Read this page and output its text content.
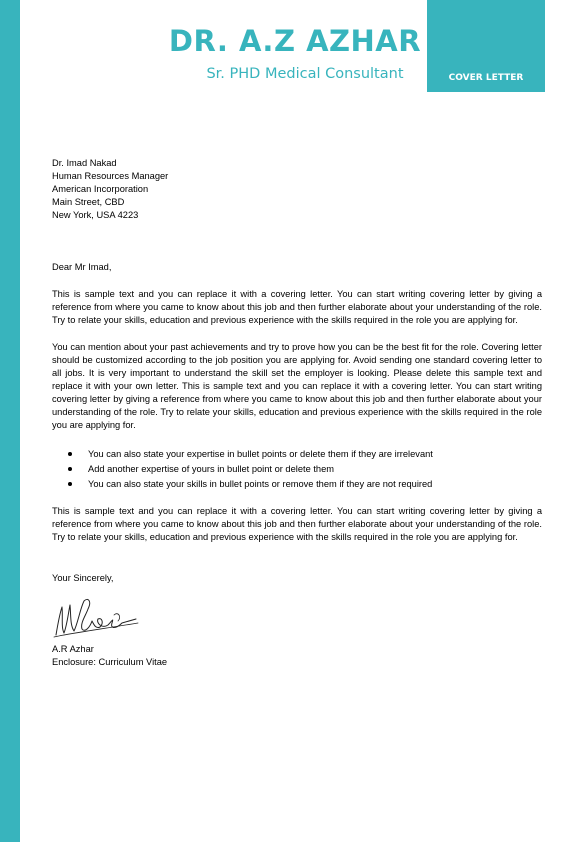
DR. A.Z AZHAR
Sr. PHD Medical Consultant	COVER LETTER
Dr. Imad Nakad
Human Resources Manager
American Incorporation
Main Street, CBD
New York, USA 4223
Dear Mr Imad,

This is sample text and you can replace it with a covering letter. You can start writing covering letter by giving a reference from where you came to know about this job and then further elaborate about your understanding of the role. Try to relate your skills, education and previous experience with the skills required in the role you are applying for.

You can mention about your past achievements and try to prove how you can be the best fit for the role. Covering letter should be customized according to the job position you are applying for. Avoid sending one standard covering letter to all jobs. It is very important to understand the skill set the employer is looking. Please delete this sample text and replace it with your own letter. This is sample text and you can replace it with a covering letter. You can start writing covering letter by giving a reference from where you came to know about this job and then further elaborate about your understanding of the role. Try to relate your skills, education and previous experience with the skills required in the role you are applying for.

You can also state your expertise in bullet points or delete them if they are irrelevant
Add another expertise of yours in bullet point or delete them
You can also state your skills in bullet points or remove them if they are not required

This is sample text and you can replace it with a covering letter. You can start writing covering letter by giving a reference from where you came to know about this job and then further elaborate about your understanding of the role. Try to relate your skills, education and previous experience with the skills required in the role you are applying for.

Your Sincerely,
A.R Azhar
Enclosure: Curriculum Vitae
